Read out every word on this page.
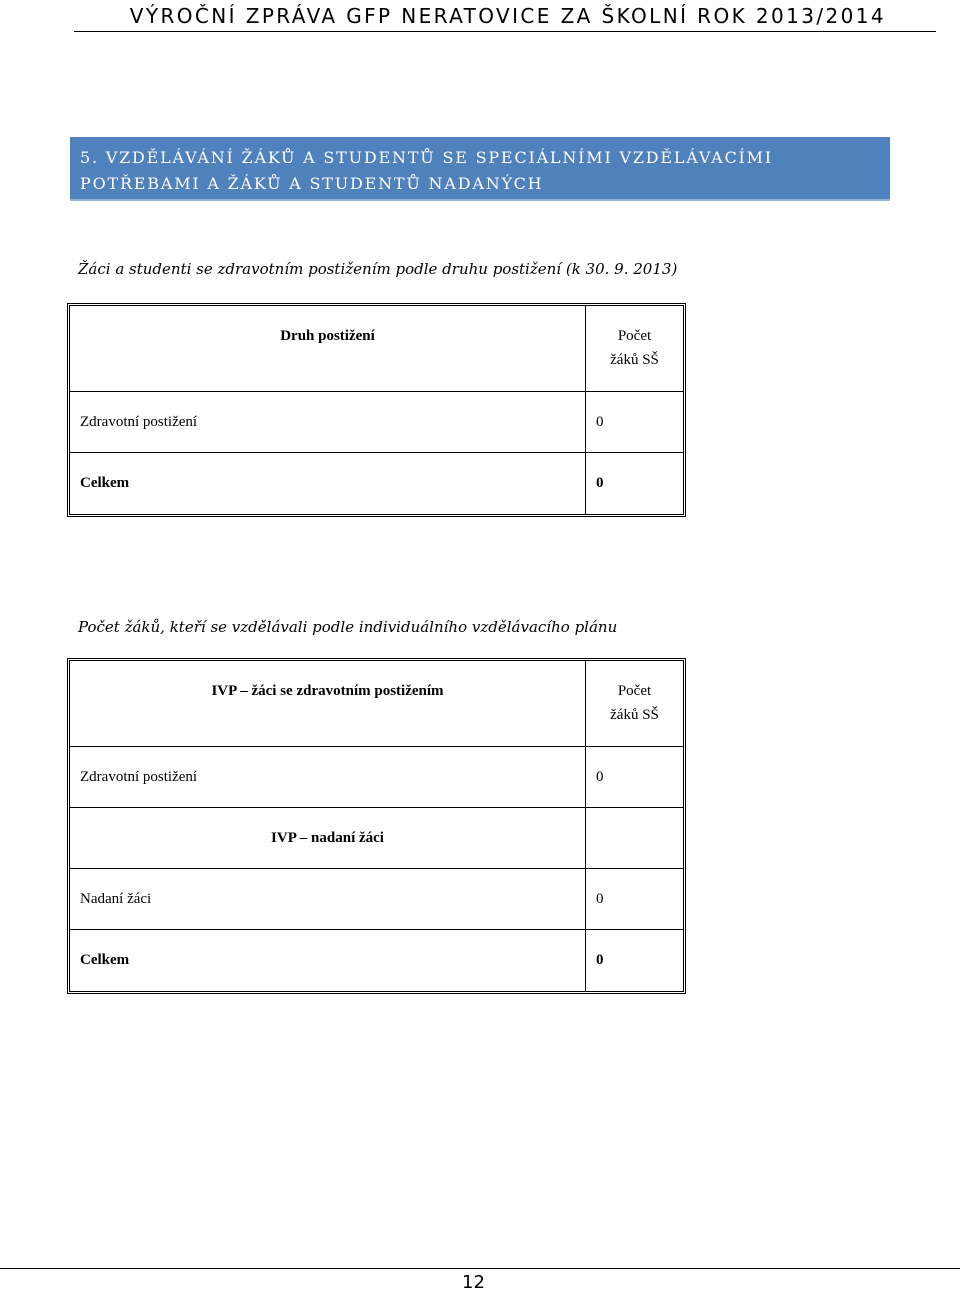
VÝROČNÍ ZPRÁVA GFP NERATOVICE ZA ŠKOLNÍ ROK 2013/2014
5. VZDĚLÁVÁNÍ ŽÁKŮ A STUDENTŮ SE SPECIÁLNÍMI VZDĚLÁVACÍMI
POTŘEBAMI A ŽÁKŮ A STUDENTŮ NADANÝCH
Žáci a studenti se zdravotním postižením podle druhu postižení (k 30. 9. 2013)
Druh postižení	Počet
žáků SŠ

Zdravotní postižení	0
Celkem	0
Počet žáků, kteří se vzdělávali podle individuálního vzdělávacího plánu
IVP – žáci se zdravotním postižením	Počet
žáků SŠ

Zdravotní postižení	0
IVP – nadaní žáci	
Nadaní žáci	0
Celkem	0
12
